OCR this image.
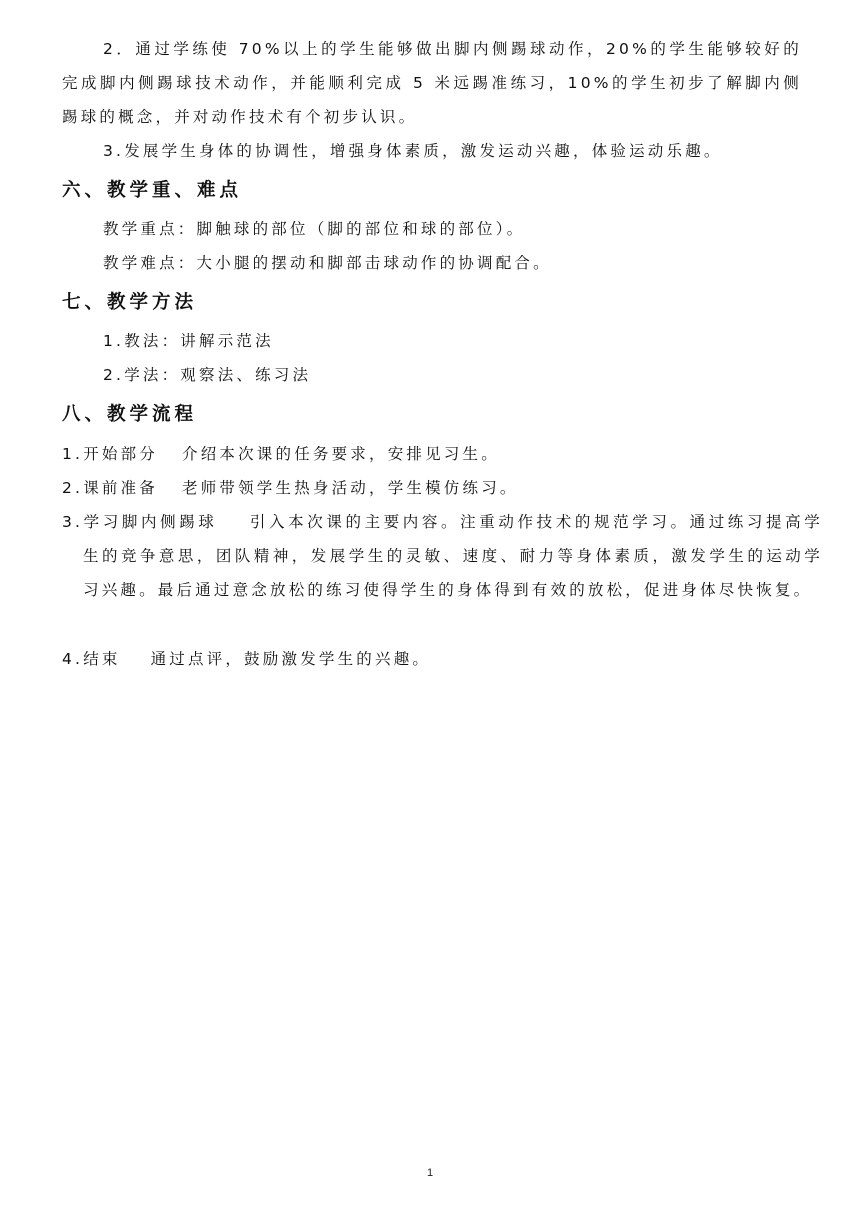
2．通过学练使 70%以上的学生能够做出脚内侧踢球动作，20%的学生能够较好的完成脚内侧踢球技术动作，并能顺利完成 5 米远踢准练习，10%的学生初步了解脚内侧踢球的概念，并对动作技术有个初步认识。

3.发展学生身体的协调性，增强身体素质，激发运动兴趣，体验运动乐趣。

六、教学重、难点

教学重点：脚触球的部位（脚的部位和球的部位）。

教学难点：大小腿的摆动和脚部击球动作的协调配合。

七、教学方法

1.教法：讲解示范法

2.学法：观察法、练习法

八、教学流程

1.开始部分 介绍本次课的任务要求，安排见习生。

2.课前准备 老师带领学生热身活动，学生模仿练习。

3.学习脚内侧踢球 引入本次课的主要内容。注重动作技术的规范学习。通过练习提高学生的竞争意思，团队精神，发展学生的灵敏、速度、耐力等身体素质，激发学生的运动学习兴趣。最后通过意念放松的练习使得学生的身体得到有效的放松，促进身体尽快恢复。

4.结束 通过点评，鼓励激发学生的兴趣。

1
